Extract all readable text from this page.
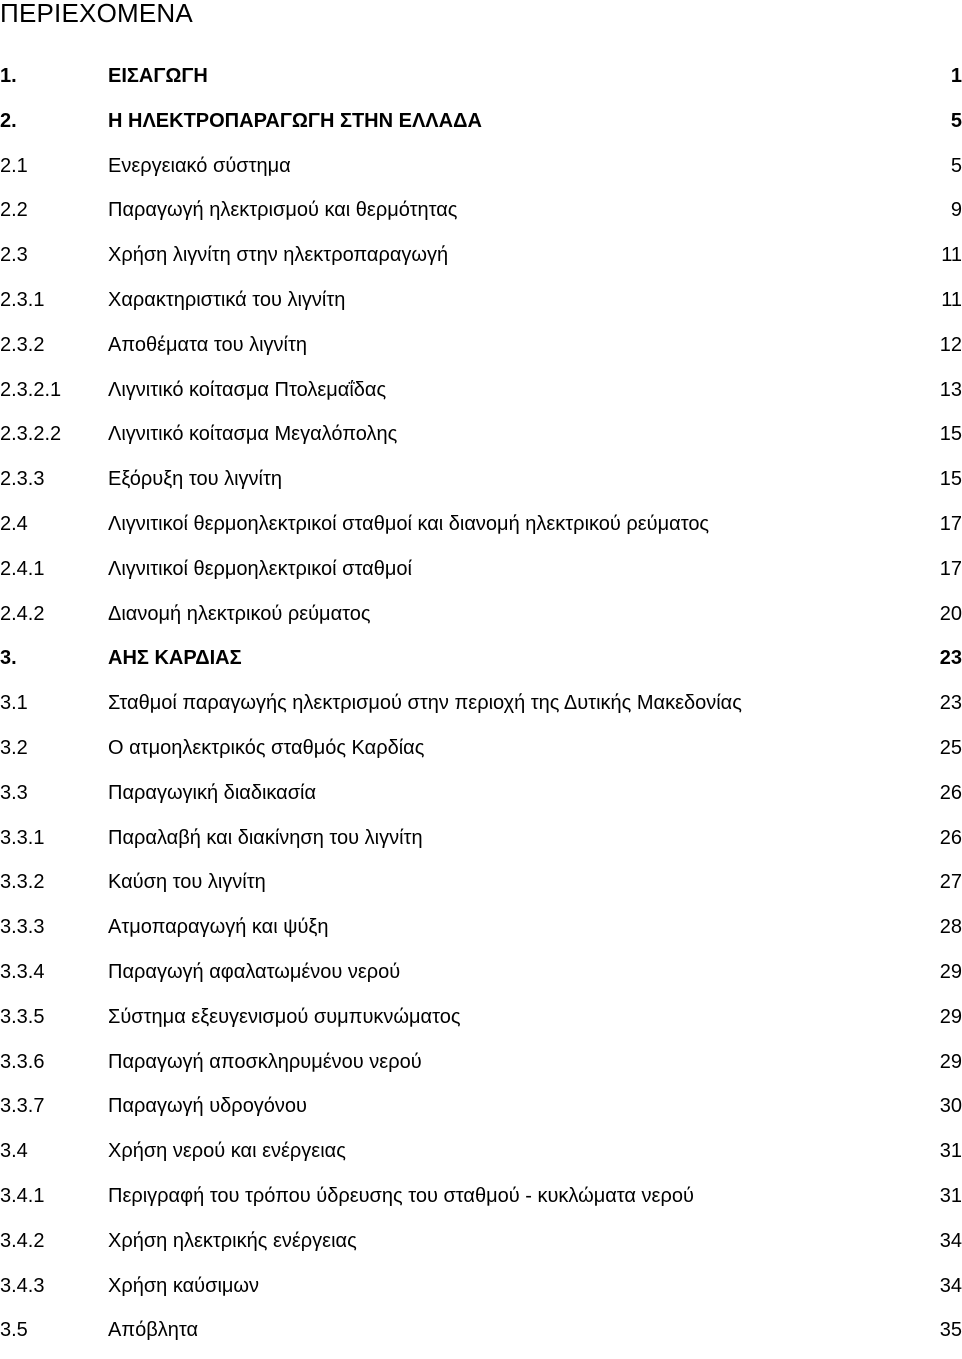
ΠΕΡΙΕΧΟΜΕΝΑ
1.	ΕΙΣΑΓΩΓΗ	1
2.	Η ΗΛΕΚΤΡΟΠΑΡΑΓΩΓΗ ΣΤΗΝ ΕΛΛΑΔΑ	5
2.1	Ενεργειακό σύστημα	5
2.2	Παραγωγή ηλεκτρισμού και θερμότητας	9
2.3	Χρήση λιγνίτη στην ηλεκτροπαραγωγή	11
2.3.1	Χαρακτηριστικά του λιγνίτη	11
2.3.2	Αποθέματα του λιγνίτη	12
2.3.2.1 Λιγνιτικό κοίτασμα Πτολεμαΐδας	13
2.3.2.2 Λιγνιτικό κοίτασμα Μεγαλόπολης	15
2.3.3	Εξόρυξη του λιγνίτη	15
2.4	Λιγνιτικοί θερμοηλεκτρικοί σταθμοί και διανομή ηλεκτρικού ρεύματος	17
2.4.1	Λιγνιτικοί θερμοηλεκτρικοί σταθμοί	17
2.4.2	Διανομή ηλεκτρικού ρεύματος	20
3.	ΑΗΣ ΚΑΡΔΙΑΣ	23
3.1	Σταθμοί παραγωγής ηλεκτρισμού στην περιοχή της Δυτικής Μακεδονίας	23
3.2	Ο ατμοηλεκτρικός σταθμός Καρδίας	25
3.3	Παραγωγική διαδικασία	26
3.3.1	Παραλαβή και διακίνηση του λιγνίτη	26
3.3.2	Καύση του λιγνίτη	27
3.3.3	Ατμοπαραγωγή και ψύξη	28
3.3.4	Παραγωγή αφαλατωμένου νερού	29
3.3.5	Σύστημα εξευγενισμού συμπυκνώματος	29
3.3.6	Παραγωγή αποσκληρυμένου νερού	29
3.3.7	Παραγωγή υδρογόνου	30
3.4	Χρήση νερού και ενέργειας	31
3.4.1	Περιγραφή του τρόπου ύδρευσης του σταθμού - κυκλώματα νερού	31
3.4.2	Χρήση ηλεκτρικής ενέργειας	34
3.4.3	Χρήση καύσιμων	34
3.5	Απόβλητα	35
